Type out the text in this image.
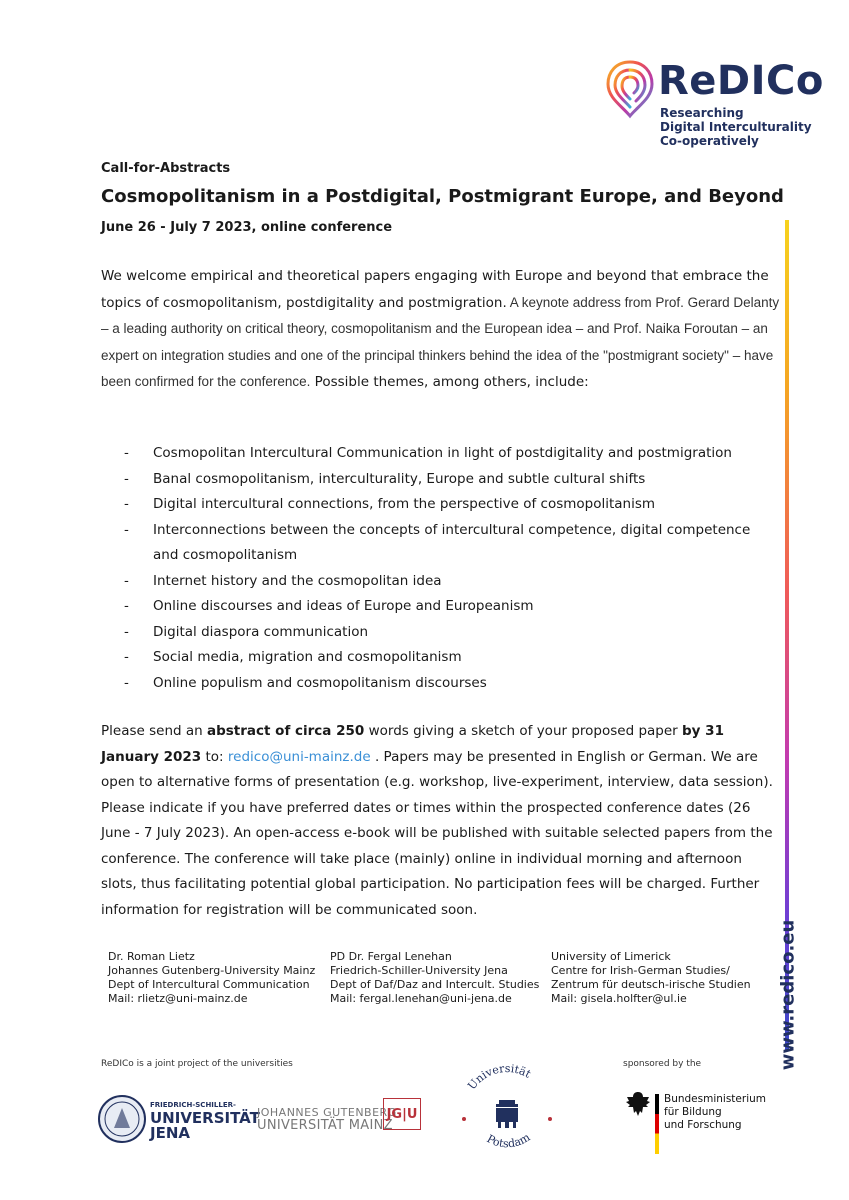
ReDICo
Researching
Digital Interculturality
Co-operatively
www.redico.eu
Call-for-Abstracts
Cosmopolitanism in a Postdigital, Postmigrant Europe, and Beyond
June 26 - July 7 2023, online conference
We welcome empirical and theoretical papers engaging with Europe and beyond that embrace the topics of cosmopolitanism, postdigitality and postmigration. A keynote address from Prof. Gerard Delanty – a leading authority on critical theory, cosmopolitanism and the European idea – and Prof. Naika Foroutan – an expert on integration studies and one of the principal thinkers behind the idea of the "postmigrant society" – have been confirmed for the conference. Possible themes, among others, include:
- Cosmopolitan Intercultural Communication in light of postdigitality and postmigration
- Banal cosmopolitanism, interculturality, Europe and subtle cultural shifts
- Digital intercultural connections, from the perspective of cosmopolitanism
- Interconnections between the concepts of intercultural competence, digital competence and cosmopolitanism
- Internet history and the cosmopolitan idea
- Online discourses and ideas of Europe and Europeanism
- Digital diaspora communication
- Social media, migration and cosmopolitanism
- Online populism and cosmopolitanism discourses
Please send an abstract of circa 250 words giving a sketch of your proposed paper by 31 January 2023 to: redico@uni-mainz.de . Papers may be presented in English or German. We are open to alternative forms of presentation (e.g. workshop, live-experiment, interview, data session). Please indicate if you have preferred dates or times within the prospected conference dates (26 June - 7 July 2023). An open-access e-book will be published with suitable selected papers from the conference. The conference will take place (mainly) online in individual morning and afternoon slots, thus facilitating potential global participation. No participation fees will be charged. Further information for registration will be communicated soon.
Dr. Roman Lietz
Johannes Gutenberg-University Mainz
Dept of Intercultural Communication
Mail: rlietz@uni-mainz.de
PD Dr. Fergal Lenehan
Friedrich-Schiller-University Jena
Dept of Daf/Daz and Intercult. Studies
Mail: fergal.lenehan@uni-jena.de
University of Limerick
Centre for Irish-German Studies/
Zentrum für deutsch-irische Studien
Mail: gisela.holfter@ul.ie
ReDICo is a joint project of the universities	sponsored by the
FRIEDRICH-SCHILLER-
UNIVERSITÄT
JENA
JOHANNES GUTENBERG
UNIVERSITÄT MAINZ
JG|U
Universität
Potsdam
Bundesministerium
für Bildung
und Forschung
